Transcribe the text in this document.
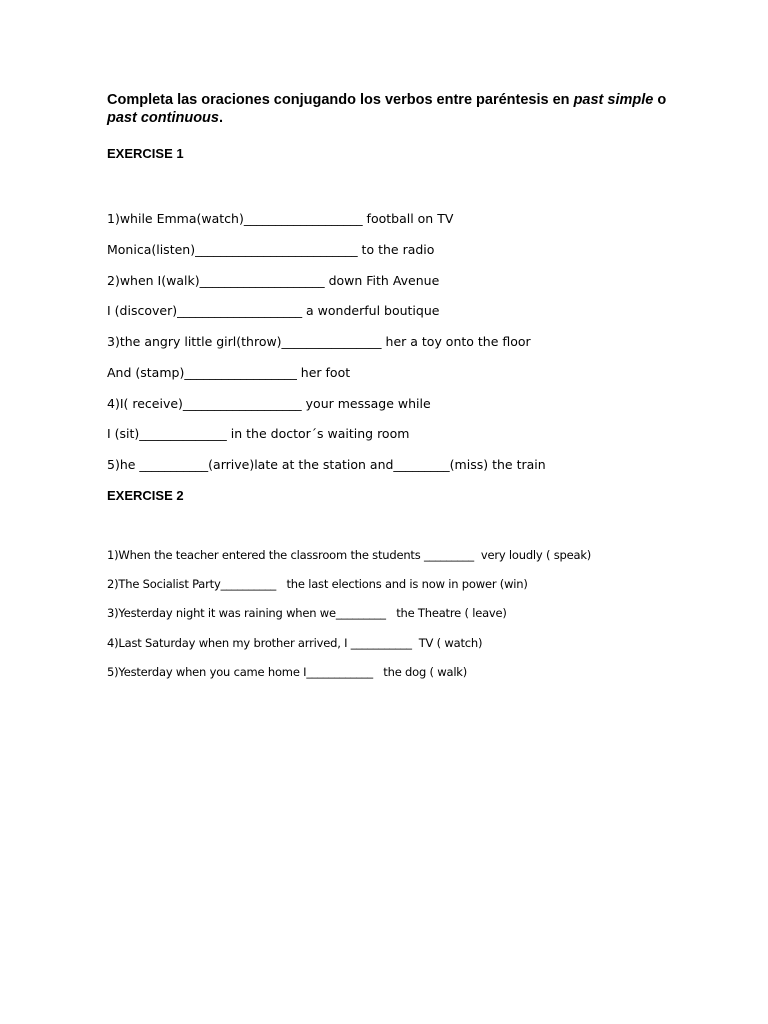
Completa las oraciones conjugando los verbos entre paréntesis en past simple o past continuous.
EXERCISE 1
1)while Emma(watch)___________________ football on TV
Monica(listen)__________________________ to the radio
2)when I(walk)____________________ down Fith Avenue
I (discover)____________________ a wonderful boutique
3)the angry little girl(throw)________________ her a toy onto the floor
And (stamp)__________________ her foot
4)I( receive)___________________ your message while
I (sit)______________ in the doctor´s waiting room
5)he ___________(arrive)late at the station and_________(miss) the train
EXERCISE 2
1)When the teacher entered the classroom the students _________  very loudly ( speak)
2)The Socialist Party__________   the last elections and is now in power (win)
3)Yesterday night it was raining when we_________   the Theatre ( leave)
4)Last Saturday when my brother arrived, I ___________  TV ( watch)
5)Yesterday when you came home I____________   the dog ( walk)
